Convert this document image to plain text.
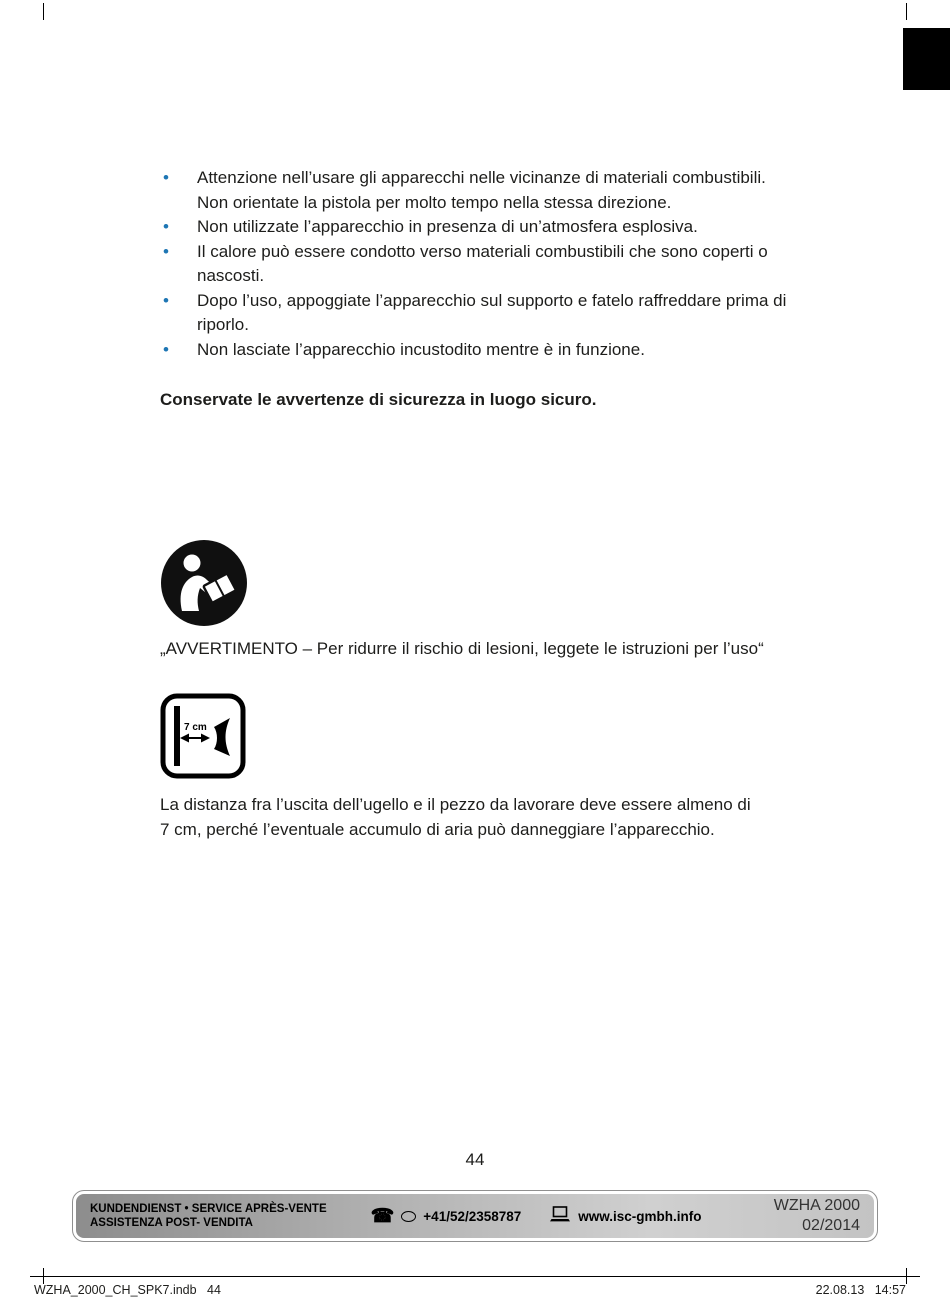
• Attenzione nell’usare gli apparecchi nelle vicinanze di materiali combustibili. Non orientate la pistola per molto tempo nella stessa direzione.
• Non utilizzate l’apparecchio in presenza di un’atmosfera esplosiva.
• Il calore può essere condotto verso materiali combustibili che sono coperti o nascosti.
• Dopo l’uso, appoggiate l’apparecchio sul supporto e fatelo raffreddare prima di riporlo.
• Non lasciate l’apparecchio incustodito mentre è in funzione.
Conservate le avvertenze di sicurezza in luogo sicuro.
„AVVERTIMENTO – Per ridurre il rischio di lesioni, leggete le istruzioni per l’uso“
7 cm
La distanza fra l’uscita dell’ugello e il pezzo da lavorare deve essere almeno di 7 cm, perché l’eventuale accumulo di aria può danneggiare l’apparecchio.
44
KUNDENDIENST • SERVICE APRÈS-VENTE
ASSISTENZA POST- VENDITA	☎ +41/52/2358787	www.isc-gmbh.info
WZHA 2000
02/2014
WZHA_2000_CH_SPK7.indb   44	22.08.13   14:57
